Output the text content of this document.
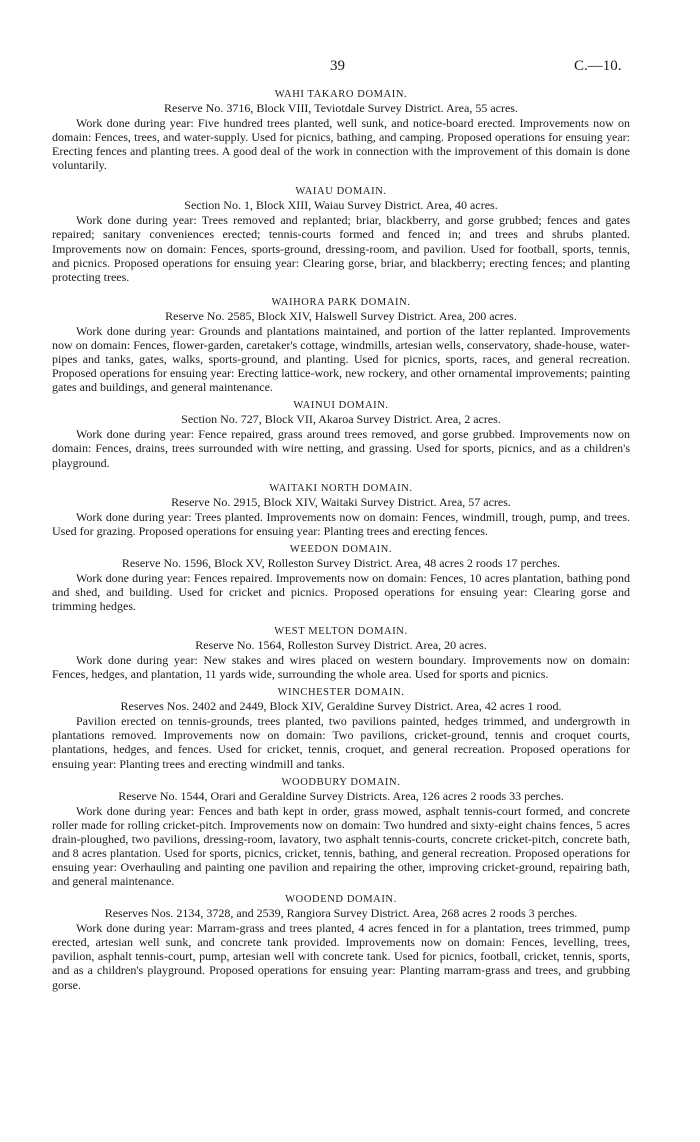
39	C.—10.

WAHI TAKARO DOMAIN.

Reserve No. 3716, Block VIII, Teviotdale Survey District. Area, 55 acres.

Work done during year: Five hundred trees planted, well sunk, and notice-board erected. Improvements now on domain: Fences, trees, and water-supply. Used for picnics, bathing, and camping. Proposed operations for ensuing year: Erecting fences and planting trees. A good deal of the work in connection with the improvement of this domain is done voluntarily.

WAIAU DOMAIN.

Section No. 1, Block XIII, Waiau Survey District. Area, 40 acres.

Work done during year: Trees removed and replanted; briar, blackberry, and gorse grubbed; fences and gates repaired; sanitary conveniences erected; tennis-courts formed and fenced in; and trees and shrubs planted. Improvements now on domain: Fences, sports-ground, dressing-room, and pavilion. Used for football, sports, tennis, and picnics. Proposed operations for ensuing year: Clearing gorse, briar, and blackberry; erecting fences; and planting protecting trees.

WAIHORA PARK DOMAIN.

Reserve No. 2585, Block XIV, Halswell Survey District. Area, 200 acres.

Work done during year: Grounds and plantations maintained, and portion of the latter replanted. Improvements now on domain: Fences, flower-garden, caretaker's cottage, windmills, artesian wells, conservatory, shade-house, water-pipes and tanks, gates, walks, sports-ground, and planting. Used for picnics, sports, races, and general recreation. Proposed operations for ensuing year: Erecting lattice-work, new rockery, and other ornamental improvements; painting gates and buildings, and general maintenance.

WAINUI DOMAIN.

Section No. 727, Block VII, Akaroa Survey District. Area, 2 acres.

Work done during year: Fence repaired, grass around trees removed, and gorse grubbed. Improvements now on domain: Fences, drains, trees surrounded with wire netting, and grassing. Used for sports, picnics, and as a children's playground.

WAITAKI NORTH DOMAIN.

Reserve No. 2915, Block XIV, Waitaki Survey District. Area, 57 acres.

Work done during year: Trees planted. Improvements now on domain: Fences, windmill, trough, pump, and trees. Used for grazing. Proposed operations for ensuing year: Planting trees and erecting fences.

WEEDON DOMAIN.

Reserve No. 1596, Block XV, Rolleston Survey District. Area, 48 acres 2 roods 17 perches.

Work done during year: Fences repaired. Improvements now on domain: Fences, 10 acres plantation, bathing pond and shed, and building. Used for cricket and picnics. Proposed operations for ensuing year: Clearing gorse and trimming hedges.

WEST MELTON DOMAIN.

Reserve No. 1564, Rolleston Survey District. Area, 20 acres.

Work done during year: New stakes and wires placed on western boundary. Improvements now on domain: Fences, hedges, and plantation, 11 yards wide, surrounding the whole area. Used for sports and picnics.

WINCHESTER DOMAIN.

Reserves Nos. 2402 and 2449, Block XIV, Geraldine Survey District. Area, 42 acres 1 rood.

Pavilion erected on tennis-grounds, trees planted, two pavilions painted, hedges trimmed, and undergrowth in plantations removed. Improvements now on domain: Two pavilions, cricket-ground, tennis and croquet courts, plantations, hedges, and fences. Used for cricket, tennis, croquet, and general recreation. Proposed operations for ensuing year: Planting trees and erecting windmill and tanks.

WOODBURY DOMAIN.

Reserve No. 1544, Orari and Geraldine Survey Districts. Area, 126 acres 2 roods 33 perches.

Work done during year: Fences and bath kept in order, grass mowed, asphalt tennis-court formed, and concrete roller made for rolling cricket-pitch. Improvements now on domain: Two hundred and sixty-eight chains fences, 5 acres drain-ploughed, two pavilions, dressing-room, lavatory, two asphalt tennis-courts, concrete cricket-pitch, concrete bath, and 8 acres plantation. Used for sports, picnics, cricket, tennis, bathing, and general recreation. Proposed operations for ensuing year: Overhauling and painting one pavilion and repairing the other, improving cricket-ground, repairing bath, and general maintenance.

WOODEND DOMAIN.

Reserves Nos. 2134, 3728, and 2539, Rangiora Survey District. Area, 268 acres 2 roods 3 perches.

Work done during year: Marram-grass and trees planted, 4 acres fenced in for a plantation, trees trimmed, pump erected, artesian well sunk, and concrete tank provided. Improvements now on domain: Fences, levelling, trees, pavilion, asphalt tennis-court, pump, artesian well with concrete tank. Used for picnics, football, cricket, tennis, sports, and as a children's playground. Proposed operations for ensuing year: Planting marram-grass and trees, and grubbing gorse.
